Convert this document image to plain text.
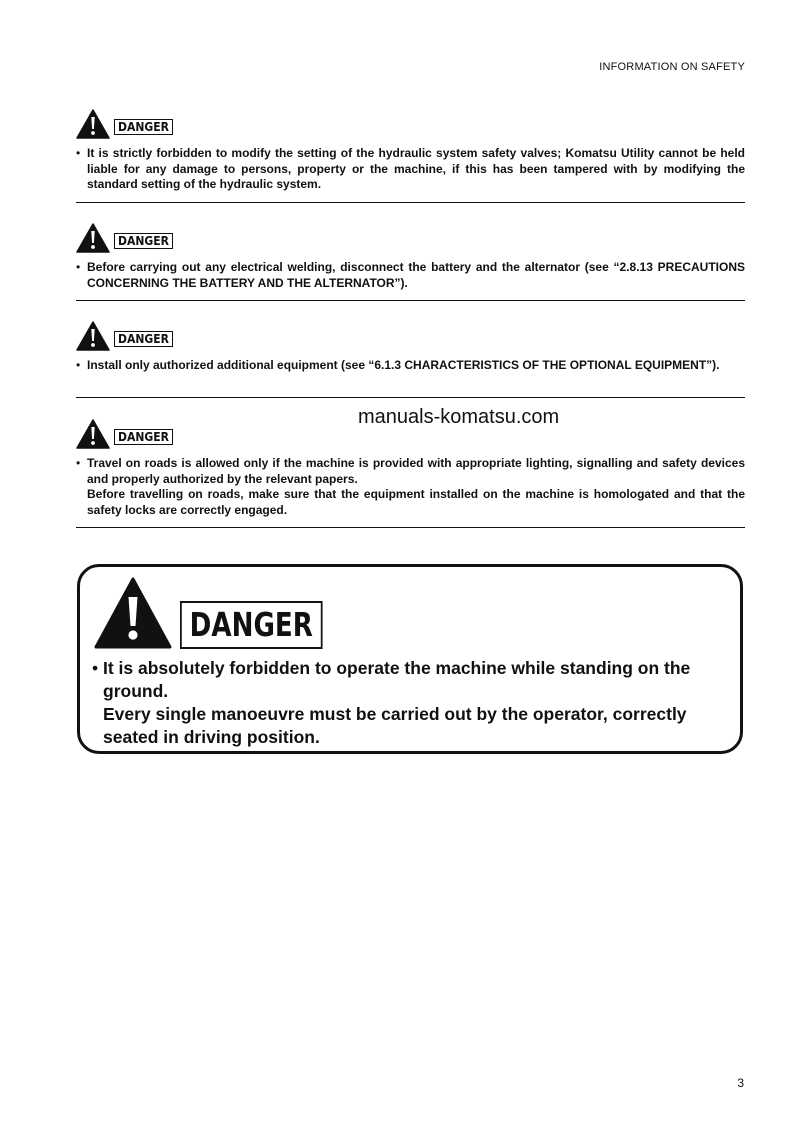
INFORMATION ON SAFETY
DANGER
• It is strictly forbidden to modify the setting of the hydraulic system safety valves; Komatsu Utility cannot be held liable for any damage to persons, property or the machine, if this has been tampered with by modifying the standard setting of the hydraulic system.
DANGER
• Before carrying out any electrical welding, disconnect the battery and the alternator (see “2.8.13 PRECAUTIONS CONCERNING THE BATTERY AND THE ALTERNATOR”).
DANGER
• Install only authorized additional equipment (see “6.1.3 CHARACTERISTICS OF THE OPTIONAL EQUIPMENT”).
manuals-komatsu.com
DANGER
• Travel on roads is allowed only if the machine is provided with appropriate lighting, signalling and safety devices and properly authorized by the relevant papers.
Before travelling on roads, make sure that the equipment installed on the machine is homologated and that the safety locks are correctly engaged.
DANGER
• It is absolutely forbidden to operate the machine while standing on the ground.
Every single manoeuvre must be carried out by the operator, correctly seated in driving position.
3
